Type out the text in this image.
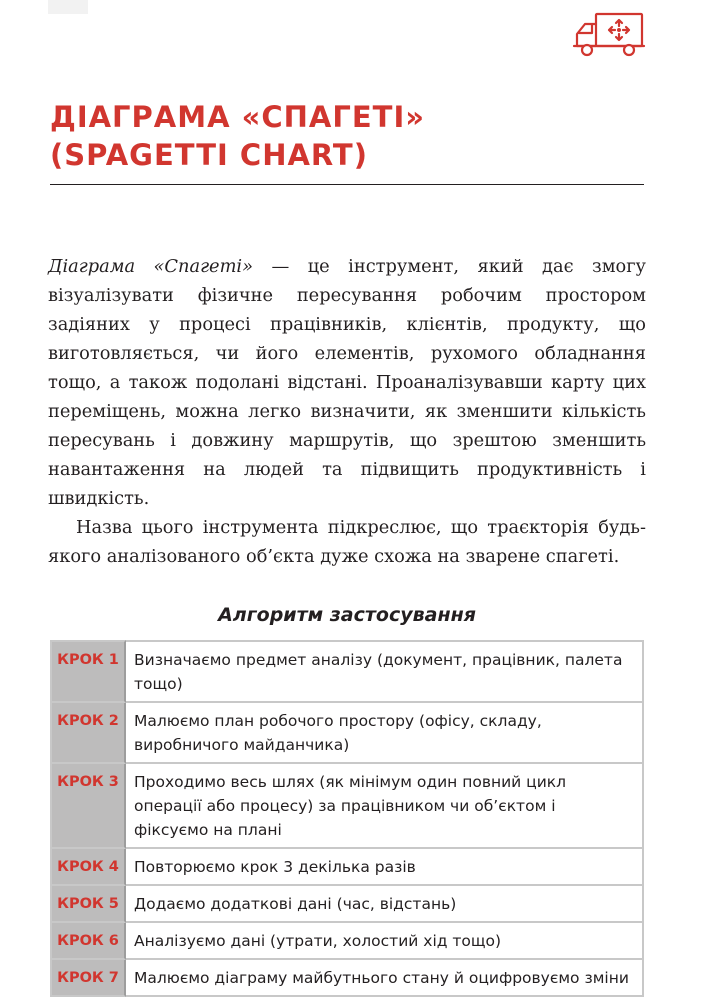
ДІАГРАМА «СПАГЕТІ»
(SPAGETTI CHART)

Діаграма «Спагеті» — це інструмент, який дає змогу візуалізувати фізичне пересування робочим простором задіяних у процесі працівників, клієнтів, продукту, що виготовляється, чи його елементів, рухомого обладнання тощо, а також подолані відстані. Проаналізувавши карту цих переміщень, можна легко визначити, як зменшити кількість пересувань і довжину маршрутів, що зрештою зменшить навантаження на людей та підвищить продуктивність і швидкість.

Назва цього інструмента підкреслює, що траєкторія будь-якого аналізованого об’єкта дуже схожа на зварене спагеті.

Алгоритм застосування
КРОК 1	Визначаємо предмет аналізу (документ, працівник, палета тощо)
КРОК 2	Малюємо план робочого простору (офісу, складу, виробничого майданчика)
КРОК 3	Проходимо весь шлях (як мінімум один повний цикл операції або процесу) за працівником чи об’єктом і фіксуємо на плані
КРОК 4	Повторюємо крок 3 декілька разів
КРОК 5	Додаємо додаткові дані (час, відстань)
КРОК 6	Аналізуємо дані (утрати, холостий хід тощо)
КРОК 7	Малюємо діаграму майбутнього стану й оцифровуємо зміни
